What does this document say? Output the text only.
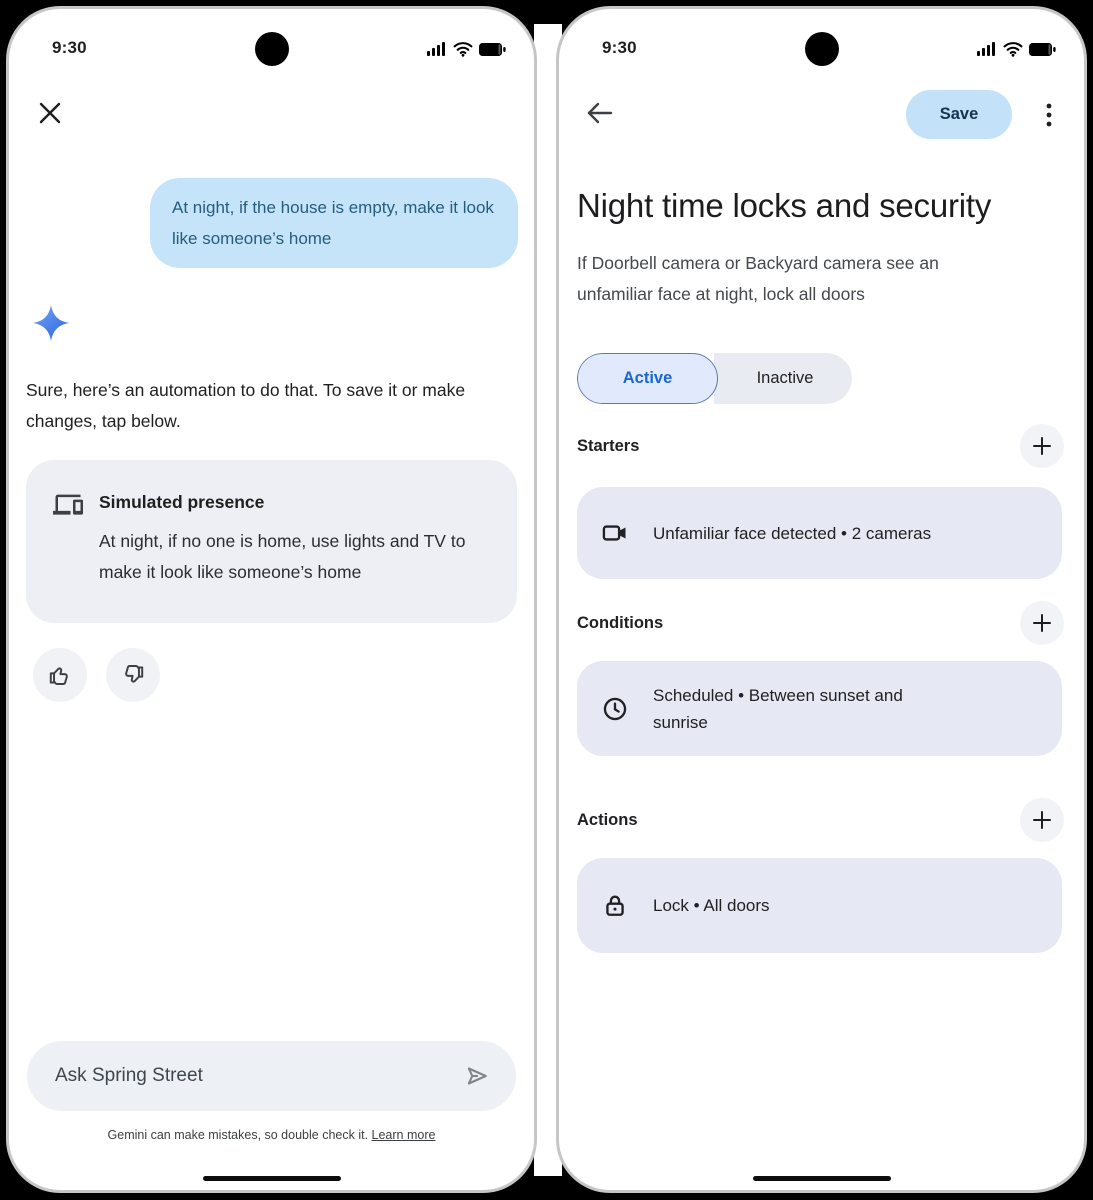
9:30
At night, if the house is empty, make it look like someone’s home
Sure, here’s an automation to do that. To save it or make changes, tap below.
Simulated presence
At night, if no one is home, use lights and TV to make it look like someone’s home
Ask Spring Street
Gemini can make mistakes, so double check it. Learn more
9:30
Save
Night time locks and security
If Doorbell camera or Backyard camera see an unfamiliar face at night, lock all doors
Active	Inactive
Starters
Unfamiliar face detected • 2 cameras
Conditions
Scheduled • Between sunset and sunrise
Actions
Lock • All doors
